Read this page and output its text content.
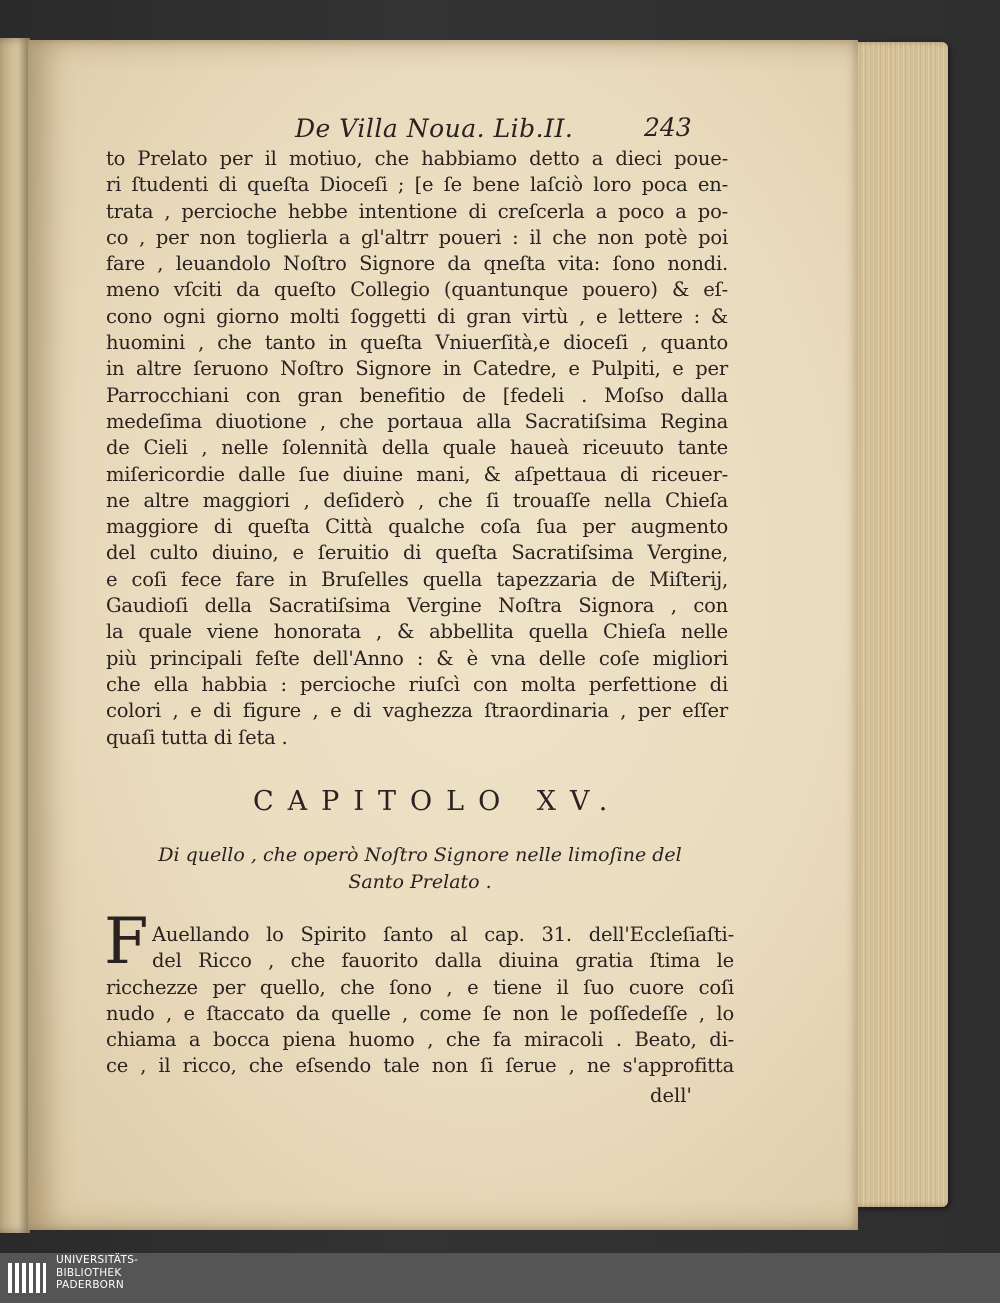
De Villa Noua. Lib.II.	243
to Prelato per il motiuo, che habbiamo detto a dieci poue-
ri ſtudenti di queſta Dioceſi ; [e ſe bene laſciò loro poca en-
trata , percioche hebbe intentione di creſcerla a poco a po-
co , per non toglierla a gl'altrr poueri : il che non potè poi
fare , leuandolo Noſtro Signore da qneſta vita: ſono nondi.
meno vſciti da queſto Collegio (quantunque pouero) & eſ-
cono ogni giorno molti ſoggetti di gran virtù , e lettere : &
huomini , che tanto in queſta Vniuerſità,e dioceſi , quanto
in altre ſeruono Noſtro Signore in Catedre, e Pulpiti, e per
Parrocchiani con gran benefitio de [fedeli . Moſso dalla
medeſima diuotione , che portaua alla Sacratiſsima Regina
de Cieli , nelle ſolennità della quale haueà riceuuto tante
miſericordie dalle ſue diuine mani, & aſpettaua di riceuer-
ne altre maggiori , deſiderò , che ſi trouaſſe nella Chieſa
maggiore di queſta Città qualche coſa ſua per augmento
del culto diuino, e ſeruitio di queſta Sacratiſsima Vergine,
e coſi fece fare in Bruſelles quella tapezzaria de Miſterij,
Gaudioſi della Sacratiſsima Vergine Noſtra Signora , con
la quale viene honorata , & abbellita quella Chieſa nelle
più principali feſte dell'Anno : & è vna delle coſe migliori
che ella habbia : percioche riuſcì con molta perfettione di
colori , e di figure , e di vaghezza ſtraordinaria , per eſſer
quaſi tutta di ſeta .
CAPITOLO XV.
Di quello , che operò Noſtro Signore nelle limoſine del
Santo Prelato .
F Auellando lo Spirito ſanto al cap. 31. dell'Eccleſiaſti-
del Ricco , che fauorito dalla diuina gratia ſtima le
ricchezze per quello, che ſono , e tiene il ſuo cuore coſi
nudo , e ſtaccato da quelle , come ſe non le poſſedeſſe , lo
chiama a bocca piena huomo , che fa miracoli . Beato, di-
ce , il ricco, che eſsendo tale non ſi ſerue , ne s'approfitta
dell'
UNIVERSITÄTS-
BIBLIOTHEK
PADERBORN
